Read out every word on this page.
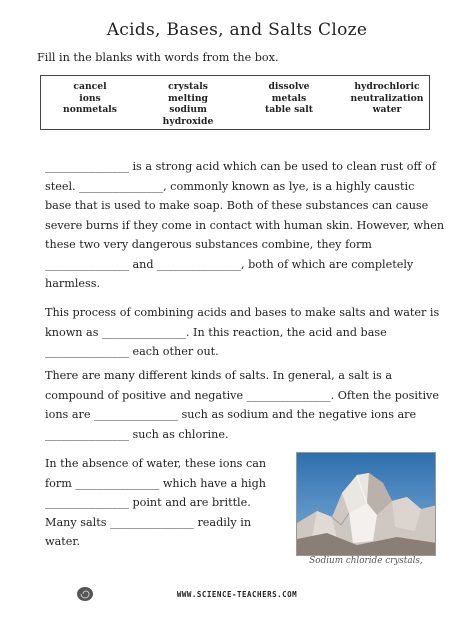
Acids, Bases, and Salts Cloze
Fill in the blanks with words from the box.
cancel
ions
nonmetals
crystals
melting
sodium
hydroxide
dissolve
metals
table salt
hydrochloric
neutralization
water
_______________ is a strong acid which can be used to clean rust off of
steel. _______________, commonly known as lye, is a highly caustic
base that is used to make soap. Both of these substances can cause
severe burns if they come in contact with human skin. However, when
these two very dangerous substances combine, they form
_______________ and _______________, both of which are completely
harmless.
This process of combining acids and bases to make salts and water is
known as _______________. In this reaction, the acid and base
_______________ each other out.
There are many different kinds of salts. In general, a salt is a
compound of positive and negative _______________. Often the positive
ions are _______________ such as sodium and the negative ions are
_______________ such as chlorine.
In the absence of water, these ions can
form _______________ which have a high
_______________ point and are brittle.
Many salts _______________ readily in
water.
Sodium chloride crystals,
WWW.SCIENCE-TEACHERS.COM
